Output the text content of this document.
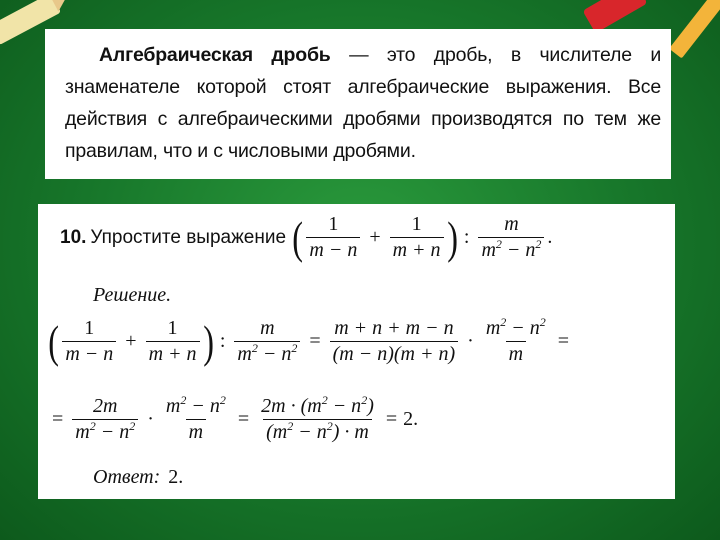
Алгебраическая дробь — это дробь, в числителе и знаменателе которой стоят алгебраические выражения. Все действия с алгебраическими дробями производятся по тем же правилам, что и с числовыми дробями.

10. Упростите выражение ( $\frac{1}{m - n} + \frac{1}{m + n}$ ) : $\frac{m}{m^2 - n^2}$ .
Решение.
( $\frac{1}{m - n} + \frac{1}{m + n}$ ) : $\frac{m}{m^2 - n^2} = \frac{m + n + m - n}{(m - n)(m + n)} \cdot \frac{m^2 - n^2}{m}$ =
= $\frac{2m}{m^2 - n^2} \cdot \frac{m^2 - n^2}{m} = \frac{2m \cdot (m^2 - n^2)}{(m^2 - n^2) \cdot m} = 2$.
Ответ: 2.
